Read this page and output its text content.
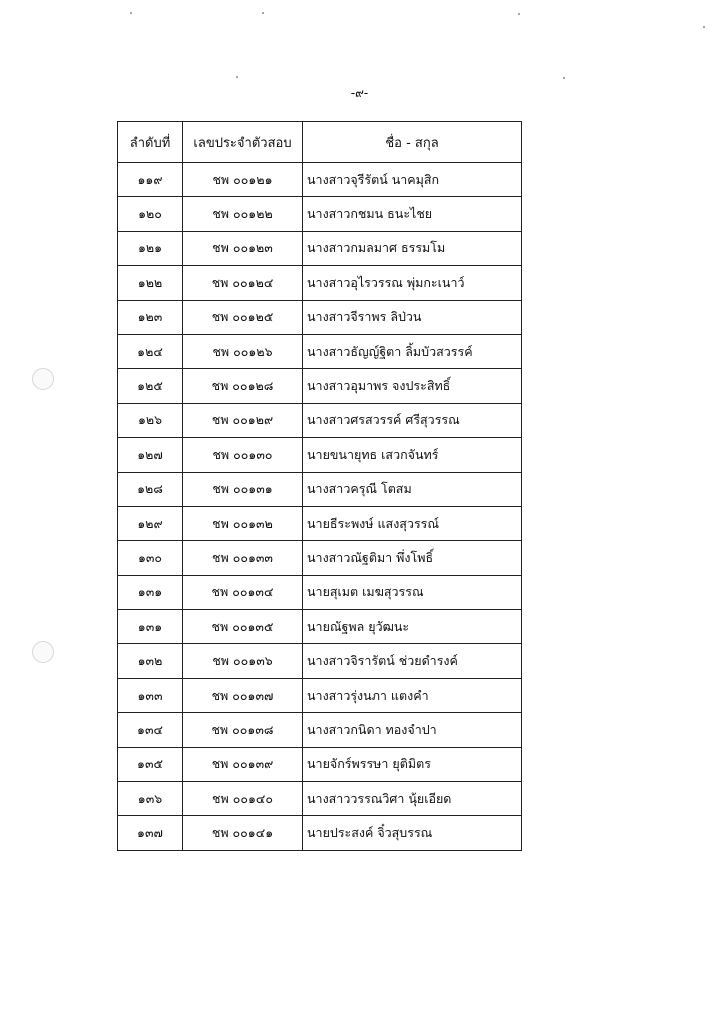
-๙-
ลำดับที่	เลขประจำตัวสอบ	ชื่อ - สกุล
๑๑๙	ชพ ๐๐๑๒๑	นางสาวจุรีรัตน์ นาคมุสิก
๑๒๐	ชพ ๐๐๑๒๒	นางสาวกชมน ธนะไชย
๑๒๑	ชพ ๐๐๑๒๓	นางสาวกมลมาศ ธรรมโม
๑๒๒	ชพ ๐๐๑๒๔	นางสาวอุไรวรรณ พุ่มกะเนาว์
๑๒๓	ชพ ๐๐๑๒๕	นางสาวจีราพร ลิป่วน
๑๒๔	ชพ ๐๐๑๒๖	นางสาวธัญญ์ฐิตา ลิ้มบัวสวรรค์
๑๒๕	ชพ ๐๐๑๒๘	นางสาวอุมาพร จงประสิทธิ์
๑๒๖	ชพ ๐๐๑๒๙	นางสาวศรสวรรค์ ศรีสุวรรณ
๑๒๗	ชพ ๐๐๑๓๐	นายขนายุทธ เสวกจันทร์
๑๒๘	ชพ ๐๐๑๓๑	นางสาวครุณี โตสม
๑๒๙	ชพ ๐๐๑๓๒	นายธีระพงษ์ แสงสุวรรณ์
๑๓๐	ชพ ๐๐๑๓๓	นางสาวณัฐติมา พึ่งโพธิ์
๑๓๑	ชพ ๐๐๑๓๔	นายสุเมต เมฆสุวรรณ
๑๓๑	ชพ ๐๐๑๓๕	นายณัฐพล ยุวัฒนะ
๑๓๒	ชพ ๐๐๑๓๖	นางสาวจิรารัตน์ ช่วยดำรงค์
๑๓๓	ชพ ๐๐๑๓๗	นางสาวรุ่งนภา แตงคำ
๑๓๔	ชพ ๐๐๑๓๘	นางสาวกนิดา ทองจำปา
๑๓๕	ชพ ๐๐๑๓๙	นายจักร์พรรษา ยุติมิตร
๑๓๖	ชพ ๐๐๑๔๐	นางสาววรรณวิศา นุ้ยเอียด
๑๓๗	ชพ ๐๐๑๔๑	นายประสงค์ จิ๋วสุบรรณ
